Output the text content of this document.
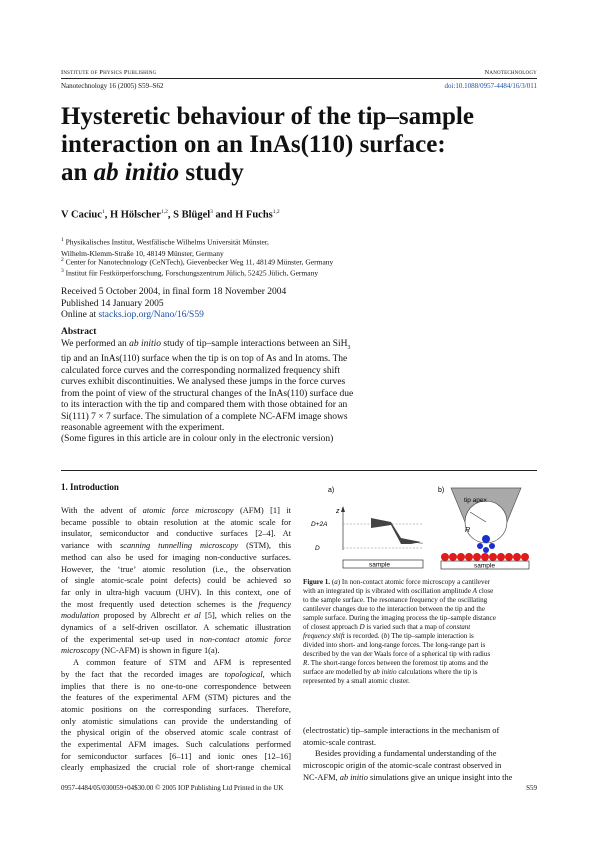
Institute of Physics Publishing	Nanotechnology
Nanotechnology 16 (2005) S59–S62	doi:10.1088/0957-4484/16/3/011
Hysteretic behaviour of the tip–sample
interaction on an InAs(110) surface:
an ab initio study
V Caciuc$^1$, H Hölscher$^{1,2}$, S Blügel$^3$ and H Fuchs$^{1,2}$
$^1$ Physikalisches Institut, Westfälische Wilhelms Universität Münster,
Wilhelm-Klemm-Straße 10, 48149 Münster, Germany
$^2$ Center for Nanotechnology (CeNTech), Gievenbecker Weg 11, 48149 Münster, Germany
$^3$ Institut für Festkörperforschung, Forschungszentrum Jülich, 52425 Jülich, Germany
Received 5 October 2004, in final form 18 November 2004
Published 14 January 2005
Online at stacks.iop.org/Nano/16/S59
Abstract
We performed an ab initio study of tip–sample interactions between an SiH$_3$
tip and an InAs(110) surface when the tip is on top of As and In atoms. The
calculated force curves and the corresponding normalized frequency shift
curves exhibit discontinuities. We analysed these jumps in the force curves
from the point of view of the structural changes of the InAs(110) surface due
to its interaction with the tip and compared them with those obtained for an
Si(111) 7 × 7 surface. The simulation of a complete NC-AFM image shows
reasonable agreement with the experiment.
(Some figures in this article are in colour only in the electronic version)
1. Introduction
With the advent of atomic force microscopy (AFM) [1] it
became possible to obtain resolution at the atomic scale for
insulator, semiconductor and conductive surfaces [2–4]. At
variance with scanning tunnelling microscopy (STM), this
method can also be used for imaging non-conductive surfaces.
However, the ‘true’ atomic resolution (i.e., the observation
of single atomic-scale point defects) could be achieved so
far only in ultra-high vacuum (UHV). In this context, one of
the most frequently used detection schemes is the frequency
modulation proposed by Albrecht et al [5], which relies on the
dynamics of a self-driven oscillator. A schematic illustration
of the experimental set-up used in non-contact atomic force
microscopy (NC-AFM) is shown in figure 1(a).
A common feature of STM and AFM is represented
by the fact that the recorded images are topological, which
implies that there is no one-to-one correspondence between
the features of the experimental AFM (STM) pictures and the
atomic positions on the corresponding surfaces. Therefore,
only atomistic simulations can provide the understanding of
the physical origin of the observed atomic scale contrast of
the experimental AFM images. Such calculations performed
for semiconductor surfaces [6–11] and ionic ones [12–16]
clearly emphasized the crucial role of short-range chemical
a)
z
D+2A
D
sample
b)
tip apex
R
sample
Figure 1. (a) In non-contact atomic force microscopy a cantilever
with an integrated tip is vibrated with oscillation amplitude A close
to the sample surface. The resonance frequency of the oscillating
cantilever changes due to the interaction between the tip and the
sample surface. During the imaging process the tip–sample distance
of closest approach D is varied such that a map of constant
frequency shift is recorded. (b) The tip–sample interaction is
divided into short- and long-range forces. The long-range part is
described by the van der Waals force of a spherical tip with radius
R. The short-range forces between the foremost tip atoms and the
surface are modelled by ab initio calculations where the tip is
represented by a small atomic cluster.
(electrostatic) tip–sample interactions in the mechanism of
atomic-scale contrast.
Besides providing a fundamental understanding of the
microscopic origin of the atomic-scale contrast observed in
NC-AFM, ab initio simulations give an unique insight into the
0957-4484/05/030059+04$30.00 © 2005 IOP Publishing Ltd Printed in the UK	S59
